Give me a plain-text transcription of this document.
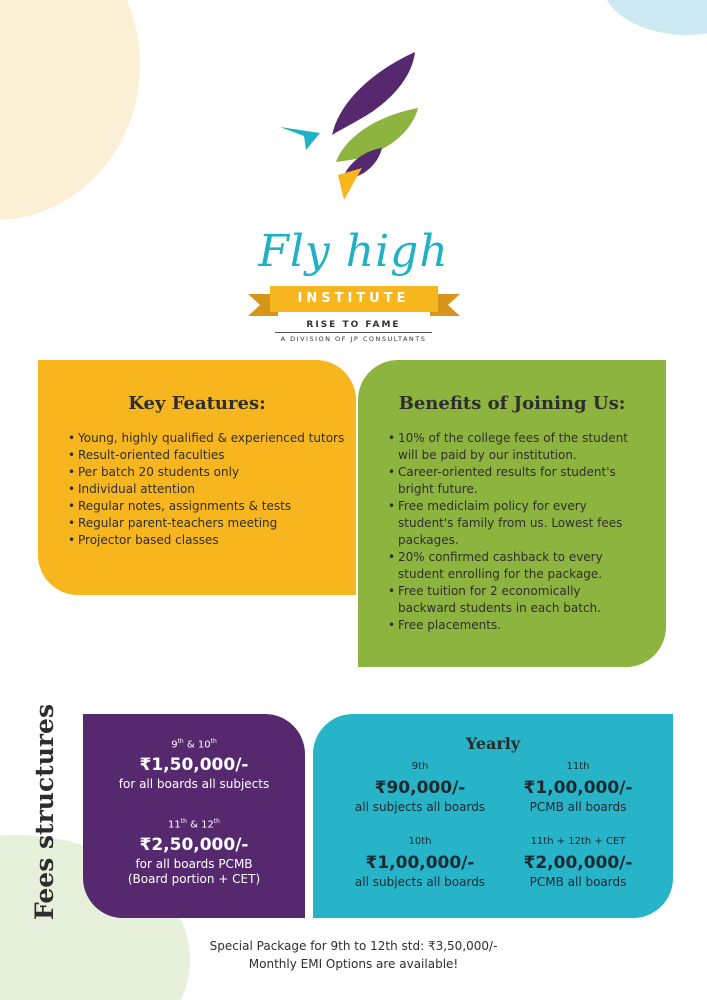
Fly high
INSTITUTE
RISE TO FAME
A DIVISION OF JP CONSULTANTS
Key Features:
• Young, highly qualified & experienced tutors
• Result-oriented faculties
• Per batch 20 students only
• Individual attention
• Regular notes, assignments & tests
• Regular parent-teachers meeting
• Projector based classes
Benefits of Joining Us:
• 10% of the college fees of the student will be paid by our institution.
• Career-oriented results for student's bright future.
• Free mediclaim policy for every student's family from us. Lowest fees packages.
• 20% confirmed cashback to every student enrolling for the package.
• Free tuition for 2 economically backward students in each batch.
• Free placements.
Fees structures	9th & 10th
₹1,50,000/-
for all boards all subjects
11th & 12th
₹2,50,000/-
for all boards PCMB
(Board portion + CET)
Yearly
9th
₹90,000/-
all subjects all boards
11th
₹1,00,000/-
PCMB all boards
10th
₹1,00,000/-
all subjects all boards
11th + 12th + CET
₹2,00,000/-
PCMB all boards
Special Package for 9th to 12th std: ₹3,50,000/-
Monthly EMI Options are available!
